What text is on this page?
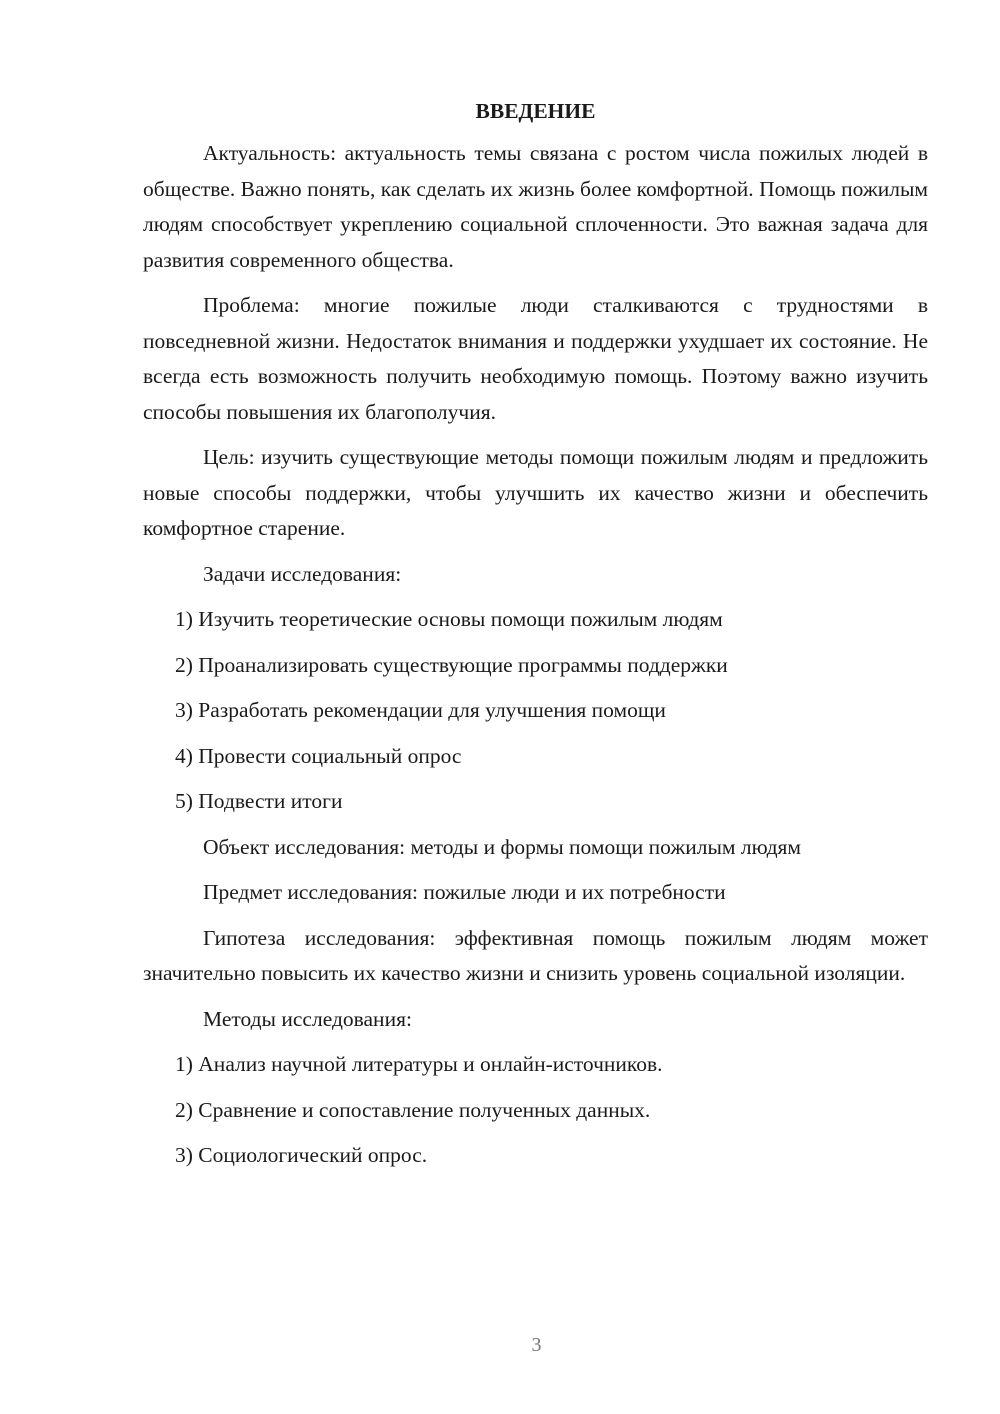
ВВЕДЕНИЕ
Актуальность: актуальность темы связана с ростом числа пожилых людей в обществе. Важно понять, как сделать их жизнь более комфортной. Помощь пожилым людям способствует укреплению социальной сплоченности. Это важная задача для развития современного общества.
Проблема: многие пожилые люди сталкиваются с трудностями в повседневной жизни. Недостаток внимания и поддержки ухудшает их состояние. Не всегда есть возможность получить необходимую помощь. Поэтому важно изучить способы повышения их благополучия.
Цель: изучить существующие методы помощи пожилым людям и предложить новые способы поддержки, чтобы улучшить их качество жизни и обеспечить комфортное старение.
Задачи исследования:
1) Изучить теоретические основы помощи пожилым людям
2) Проанализировать существующие программы поддержки
3) Разработать рекомендации для улучшения помощи
4) Провести социальный опрос
5) Подвести итоги
Объект исследования: методы и формы помощи пожилым людям
Предмет исследования: пожилые люди и их потребности
Гипотеза исследования: эффективная помощь пожилым людям может значительно повысить их качество жизни и снизить уровень социальной изоляции.
Методы исследования:
1) Анализ научной литературы и онлайн-источников.
2) Сравнение и сопоставление полученных данных.
3) Социологический опрос.
3
